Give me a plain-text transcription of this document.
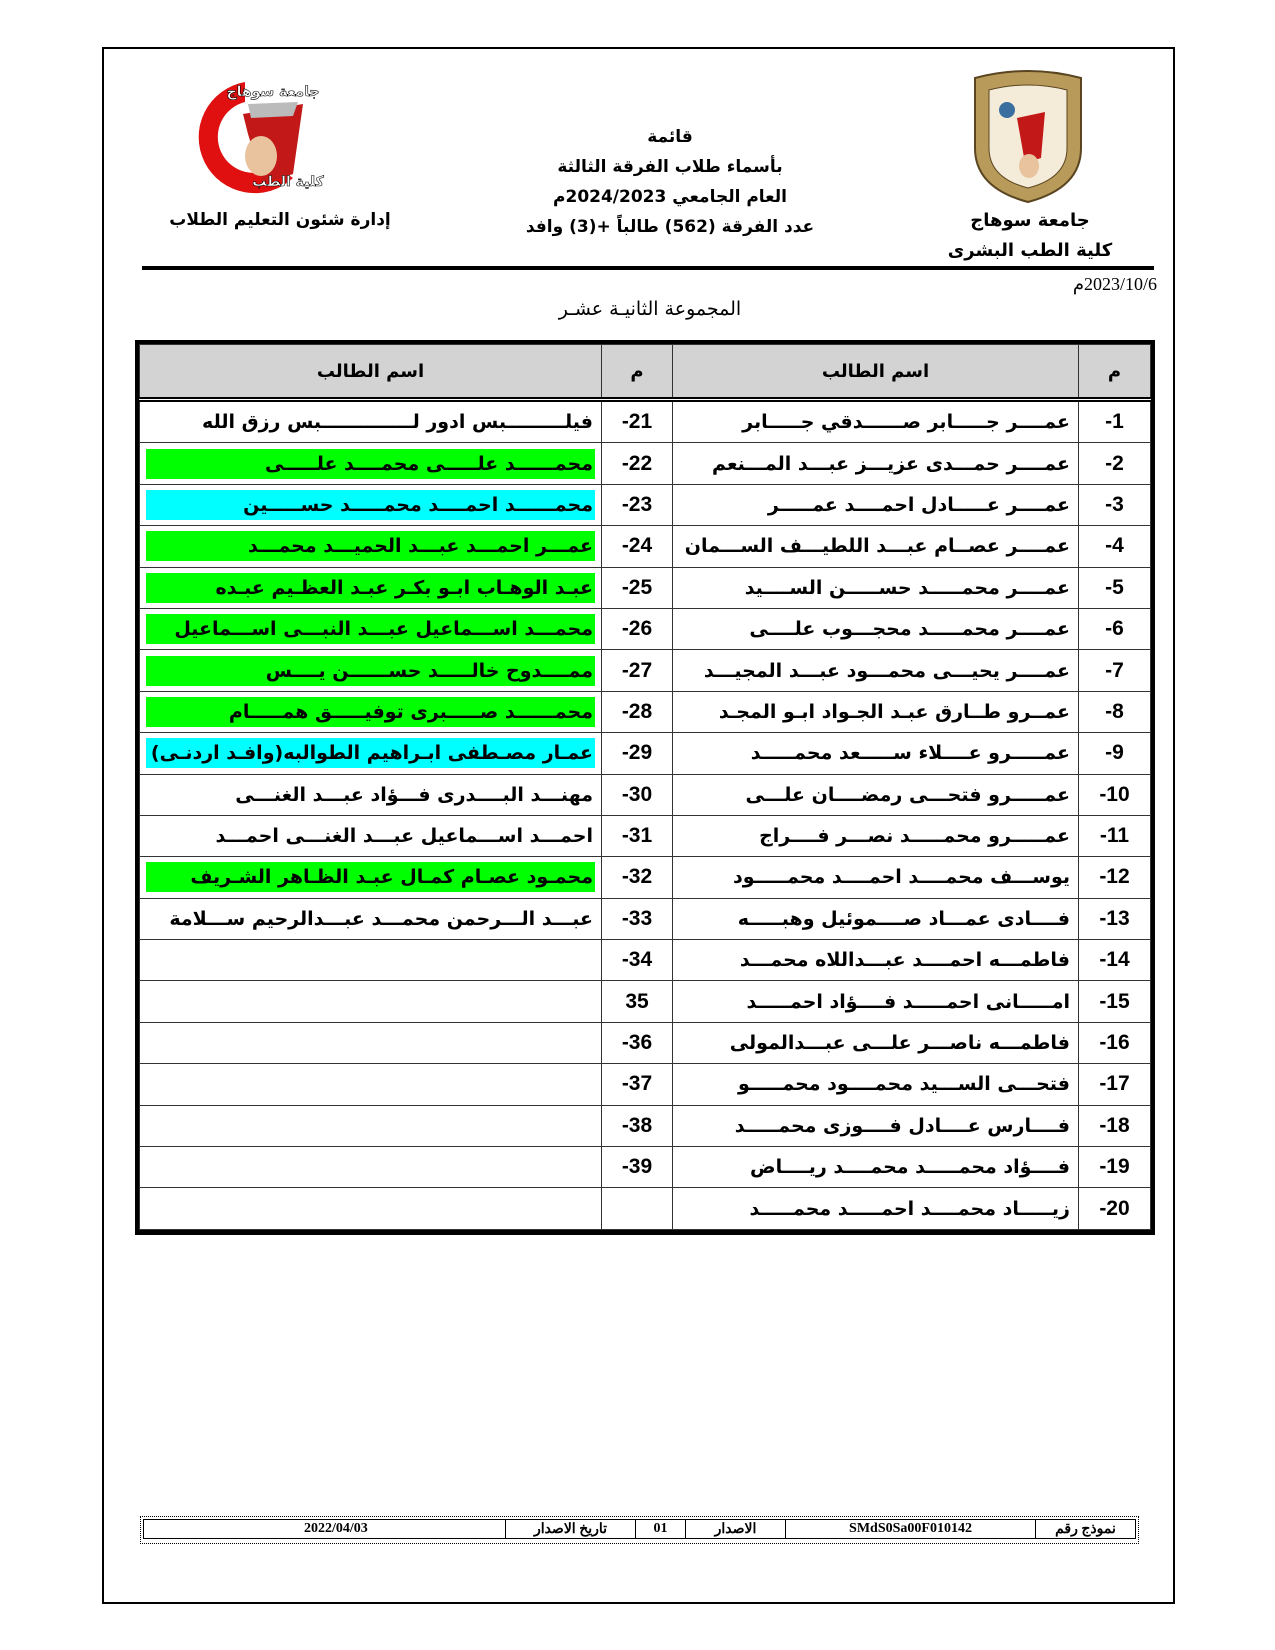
جامعة سوهاج
كلية الطب
قائمة
بأسماء طلاب الفرقة الثالثة
العام الجامعي 2024/2023م
عدد الفرقة (562) طالباً +(3) وافد	جامعة سوهاج
كلية الطب البشرى
إدارة شئون التعليم الطلاب
2023/10/6م
المجموعة الثانيـة عشـر
م	اسم الطالب	م	اسم الطالب
-1	عمــــر جـــــابر صــــــدقي جـــــابر	-21	فيلـــــــــبس ادور لــــــــــــــبس رزق الله

-2	عمــــر حمـــدى عزيـــز عبـــد المـــنعم	-22	محمــــــد علـــــى محمــــد علـــــى

-3	عمــــر عـــــادل احمــــد عمـــــر	-23	محمــــــد احمــــد محمـــــد حســـــين

-4	عمــــر عصــام عبـــد اللطيـــف الســـمان	-24	عمـــر احمـــد عبـــد الحميـــد محمـــد

-5	عمــــر محمـــــد حســـــن الســــيد	-25	عبـد الوهـاب ابـو بكـر عبـد العظـيم عبـده

-6	عمــــر محمـــــد محجـــوب علــــى	-26	محمـــد اســـماعيل عبـــد النبـــى اســـماعيل

-7	عمــــر يحيـــى محمـــود عبـــد المجيـــد	-27	ممــــدوح خالـــــد حســــــن يــــس

-8	عمــرو طــارق عبـد الجـواد ابـو المجـد	-28	محمــــــد صـــــبرى توفيـــــق همـــــام

-9	عمـــــرو عــــلاء ســـــعد محمـــــد	-29	عمـار مصـطفى ابـراهيم الطوالبه(وافـد اردنـى)

-10	عمـــــرو فتحـــى رمضــــان علـــى	-30	مهنـــد البــــدرى فـــؤاد عبـــد الغنـــى

-11	عمـــــرو محمـــــد نصـــر فــــراج	-31	احمـــد اســـماعيل عبـــد الغنـــى احمـــد

-12	يوســـف محمــــد احمــــد محمـــــود	-32	محمـود عصـام كمـال عبـد الظـاهر الشـريف

-13	فــــادى عمـــاد صــــموئيل وهبـــــه	-33	عبـــد الـــرحمن محمـــد عبـــدالرحيم ســـلامة

-14	فاطمـــه احمــــد عبـــداللاه محمـــد	-34	

-15	امـــــانى احمـــــد فــــؤاد احمـــــد	35	

-16	فاطمـــه ناصـــر علـــى عبـــدالمولى	-36	

-17	فتحـــى الســـيد محمــــود محمـــــو	-37	

-18	فــــارس عــــادل فــــوزى محمـــــد	-38	

-19	فــــؤاد محمـــــد محمــــد ريــــاض	-39	

-20	زيـــــاد محمــــد احمـــــد محمـــــد		

نموذج رقم	SMdS0Sa00F010142	الاصدار	01	تاريخ الاصدار	2022/04/03
